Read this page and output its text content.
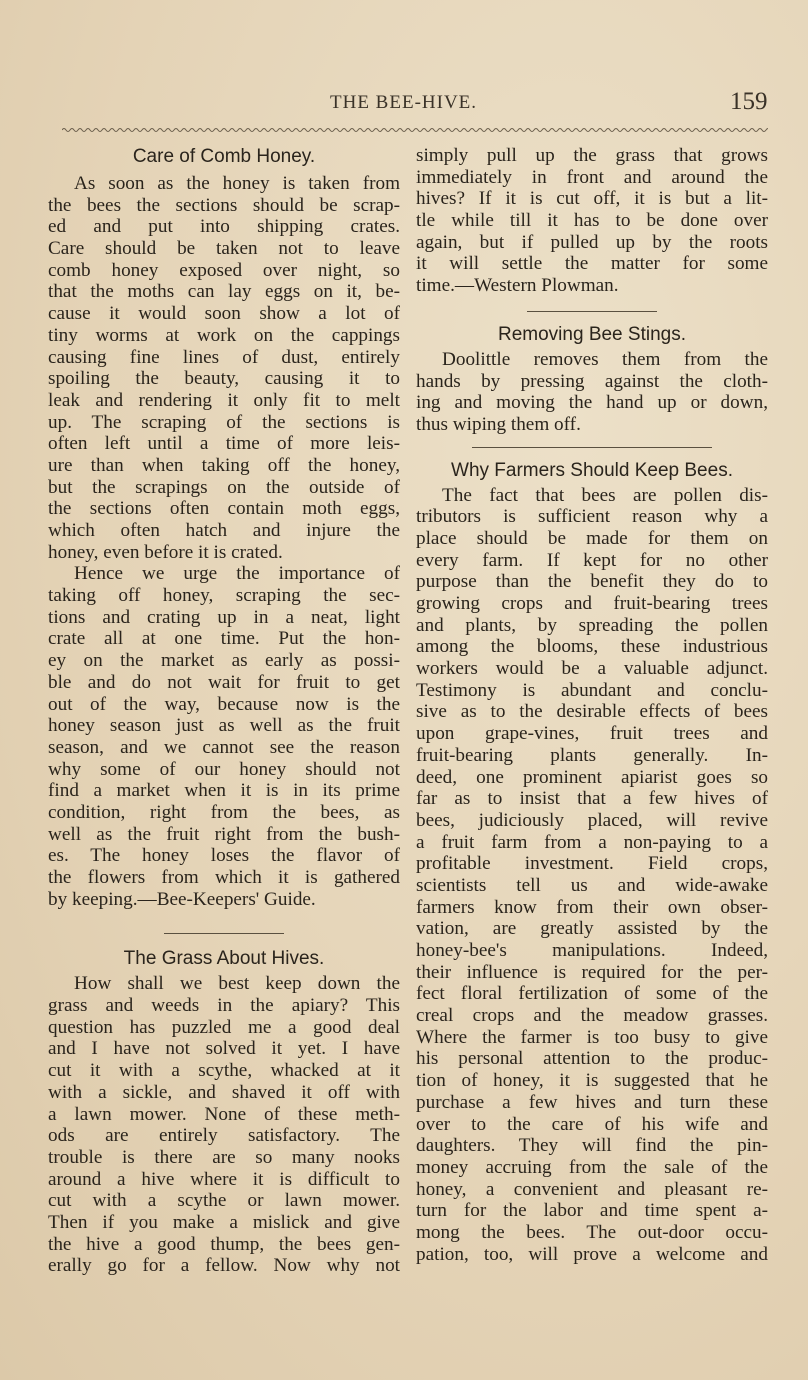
THE BEE-HIVE.	159
Care of Comb Honey.
As soon as the honey is taken from
the bees the sections should be scrap-
ed and put into shipping crates.
Care should be taken not to leave
comb honey exposed over night, so
that the moths can lay eggs on it, be-
cause it would soon show a lot of
tiny worms at work on the cappings
causing fine lines of dust, entirely
spoiling the beauty, causing it to
leak and rendering it only fit to melt
up. The scraping of the sections is
often left until a time of more leis-
ure than when taking off the honey,
but the scrapings on the outside of
the sections often contain moth eggs,
which often hatch and injure the
honey, even before it is crated.
Hence we urge the importance of
taking off honey, scraping the sec-
tions and crating up in a neat, light
crate all at one time. Put the hon-
ey on the market as early as possi-
ble and do not wait for fruit to get
out of the way, because now is the
honey season just as well as the fruit
season, and we cannot see the reason
why some of our honey should not
find a market when it is in its prime
condition, right from the bees, as
well as the fruit right from the bush-
es. The honey loses the flavor of
the flowers from which it is gathered
by keeping.—Bee-Keepers' Guide.
The Grass About Hives.
How shall we best keep down the
grass and weeds in the apiary? This
question has puzzled me a good deal
and I have not solved it yet. I have
cut it with a scythe, whacked at it
with a sickle, and shaved it off with
a lawn mower. None of these meth-
ods are entirely satisfactory. The
trouble is there are so many nooks
around a hive where it is difficult to
cut with a scythe or lawn mower.
Then if you make a mislick and give
the hive a good thump, the bees gen-
erally go for a fellow. Now why not
simply pull up the grass that grows
immediately in front and around the
hives? If it is cut off, it is but a lit-
tle while till it has to be done over
again, but if pulled up by the roots
it will settle the matter for some
time.—Western Plowman.
Removing Bee Stings.
Doolittle removes them from the
hands by pressing against the cloth-
ing and moving the hand up or down,
thus wiping them off.
Why Farmers Should Keep Bees.
The fact that bees are pollen dis-
tributors is sufficient reason why a
place should be made for them on
every farm. If kept for no other
purpose than the benefit they do to
growing crops and fruit-bearing trees
and plants, by spreading the pollen
among the blooms, these industrious
workers would be a valuable adjunct.
Testimony is abundant and conclu-
sive as to the desirable effects of bees
upon grape-vines, fruit trees and
fruit-bearing plants generally. In-
deed, one prominent apiarist goes so
far as to insist that a few hives of
bees, judiciously placed, will revive
a fruit farm from a non-paying to a
profitable investment. Field crops,
scientists tell us and wide-awake
farmers know from their own obser-
vation, are greatly assisted by the
honey-bee's manipulations. Indeed,
their influence is required for the per-
fect floral fertilization of some of the
creal crops and the meadow grasses.
Where the farmer is too busy to give
his personal attention to the produc-
tion of honey, it is suggested that he
purchase a few hives and turn these
over to the care of his wife and
daughters. They will find the pin-
money accruing from the sale of the
honey, a convenient and pleasant re-
turn for the labor and time spent a-
mong the bees. The out-door occu-
pation, too, will prove a welcome and
